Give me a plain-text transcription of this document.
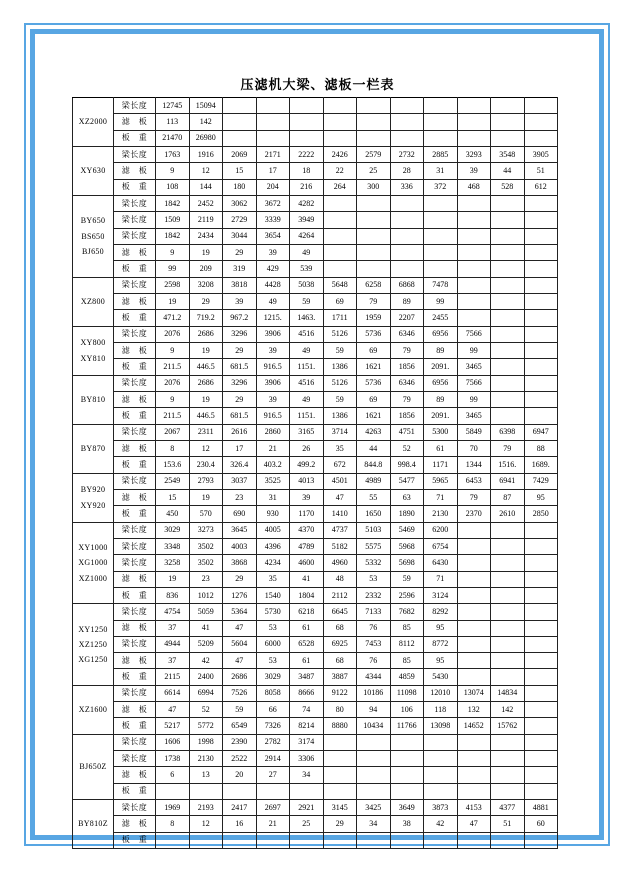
压滤机大梁、滤板一栏表
XZ2000	梁长度	12745	15094										
	滤　板	113	142										
	板　重	21470	26980										

XY630	梁长度	1763	1916	2069	2171	2222	2426	2579	2732	2885	3293	3548	3905
	滤　板	9	12	15	17	18	22	25	28	31	39	44	51
	板　重	108	144	180	204	216	264	300	336	372	468	528	612

BY650
BS650
BJ650	梁长度	1842	2452	3062	3672	4282							
	梁长度	1509	2119	2729	3339	3949							
	梁长度	1842	2434	3044	3654	4264							
	滤　板	9	19	29	39	49							
	板　重	99	209	319	429	539							

XZ800	梁长度	2598	3208	3818	4428	5038	5648	6258	6868	7478			
	滤　板	19	29	39	49	59	69	79	89	99			
	板　重	471.2	719.2	967.2	1215.	1463.	1711	1959	2207	2455			

XY800
XY810	梁长度	2076	2686	3296	3906	4516	5126	5736	6346	6956	7566		
	滤　板	9	19	29	39	49	59	69	79	89	99		
	板　重	211.5	446.5	681.5	916.5	1151.	1386	1621	1856	2091.	3465		

BY810	梁长度	2076	2686	3296	3906	4516	5126	5736	6346	6956	7566		
	滤　板	9	19	29	39	49	59	69	79	89	99		
	板　重	211.5	446.5	681.5	916.5	1151.	1386	1621	1856	2091.	3465		

BY870	梁长度	2067	2311	2616	2860	3165	3714	4263	4751	5300	5849	6398	6947
	滤　板	8	12	17	21	26	35	44	52	61	70	79	88
	板　重	153.6	230.4	326.4	403.2	499.2	672	844.8	998.4	1171	1344	1516.	1689.

BY920
XY920	梁长度	2549	2793	3037	3525	4013	4501	4989	5477	5965	6453	6941	7429
	滤　板	15	19	23	31	39	47	55	63	71	79	87	95
	板　重	450	570	690	930	1170	1410	1650	1890	2130	2370	2610	2850

XY1000
XG1000
XZ1000	梁长度	3029	3273	3645	4005	4370	4737	5103	5469	6200			
	梁长度	3348	3502	4003	4396	4789	5182	5575	5968	6754			
	梁长度	3258	3502	3868	4234	4600	4960	5332	5698	6430			
	滤　板	19	23	29	35	41	48	53	59	71			
	板　重	836	1012	1276	1540	1804	2112	2332	2596	3124			

XY1250
XZ1250
XG1250	梁长度	4754	5059	5364	5730	6218	6645	7133	7682	8292			
	滤　板	37	41	47	53	61	68	76	85	95			
	梁长度	4944	5209	5604	6000	6528	6925	7453	8112	8772			
	滤　板	37	42	47	53	61	68	76	85	95			
	板　重	2115	2400	2686	3029	3487	3887	4344	4859	5430			

XZ1600	梁长度	6614	6994	7526	8058	8666	9122	10186	11098	12010	13074	14834	
	滤　板	47	52	59	66	74	80	94	106	118	132	142	
	板　重	5217	5772	6549	7326	8214	8880	10434	11766	13098	14652	15762	

BJ650Z	梁长度	1606	1998	2390	2782	3174							
	梁长度	1738	2130	2522	2914	3306							
	滤　板	6	13	20	27	34							
	板　重												

BY810Z	梁长度	1969	2193	2417	2697	2921	3145	3425	3649	3873	4153	4377	4881
	滤　板	8	12	16	21	25	29	34	38	42	47	51	60
	板　重												
